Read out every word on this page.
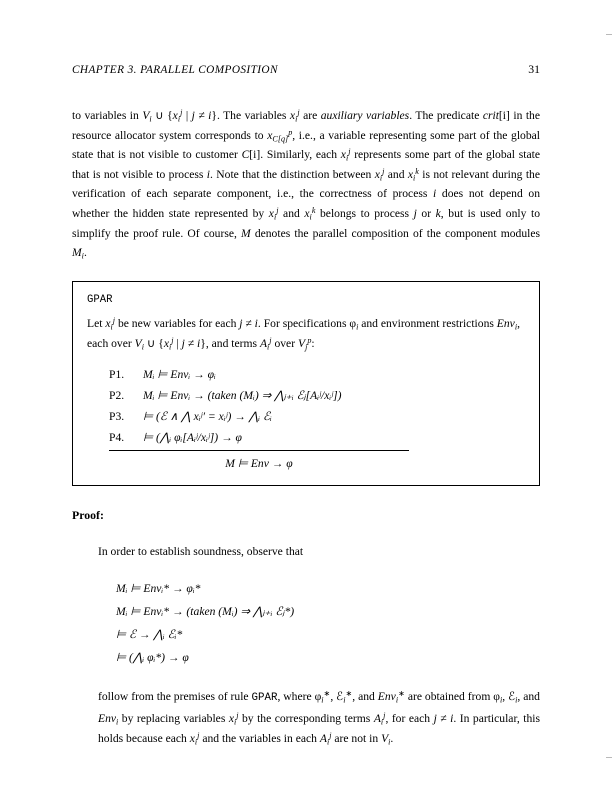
CHAPTER 3. PARALLEL COMPOSITION	31

to variables in $V_i$ ∪ {$x_i^j$ | j ≠ i}. The variables $x_i^j$ are auxiliary variables. The predicate crit[i] in the resource allocator system corresponds to $x_{C[q]}^p$, i.e., a variable representing some part of the global state that is not visible to customer C[i]. Similarly, each $x_i^j$ represents some part of the global state that is not visible to process i. Note that the distinction between $x_i^j$ and $x_i^k$ is not relevant during the verification of each separate component, i.e., the correctness of process i does not depend on whether the hidden state represented by $x_i^j$ and $x_i^k$ belongs to process j or k, but is used only to simplify the proof rule. Of course, M denotes the parallel composition of the component modules $M_i$.

GPAR
Let $x_i^j$ be new variables for each j ≠ i. For specifications $\varphi_i$ and environment restrictions Env$_i$, each over $V_i$ ∪ {$x_i^j$ | j ≠ i}, and terms $A_i^j$ over $V_j^p$:
P1.	Mᵢ ⊨ Envᵢ → φᵢ
P2.	Mᵢ ⊨ Envᵢ → (taken (Mᵢ) ⇒ ⋀ⱼ₊ᵢ ℰⱼ[Aᵢʲ/xᵢʲ])
P3.	⊨ (ℰ ∧ ⋀ xᵢʲ′ = xᵢʲ) → ⋀ᵢ ℰᵢ
P4.	⊨ (⋀ᵢ φᵢ[Aᵢʲ/xᵢʲ]) → φ
M ⊨ Env → φ
Proof:
In order to establish soundness, observe that
Mᵢ ⊨ Envᵢ* → φᵢ*
Mᵢ ⊨ Envᵢ* → (taken (Mᵢ) ⇒ ⋀ⱼ₊ᵢ ℰⱼ*)
⊨ ℰ → ⋀ᵢ ℰᵢ*
⊨ (⋀ᵢ φᵢ*) → φ
follow from the premises of rule GPAR, where $\varphi_i^∗$, ℰ$_i$∗, and Env$_i$∗ are obtained from $\varphi_i$, ℰ$_i$, and Env$_i$ by replacing variables $x_i^j$ by the corresponding terms $A_i^j$, for each j ≠ i. In particular, this holds because each $x_i^j$ and the variables in each $A_i^j$ are not in $V_i$.
